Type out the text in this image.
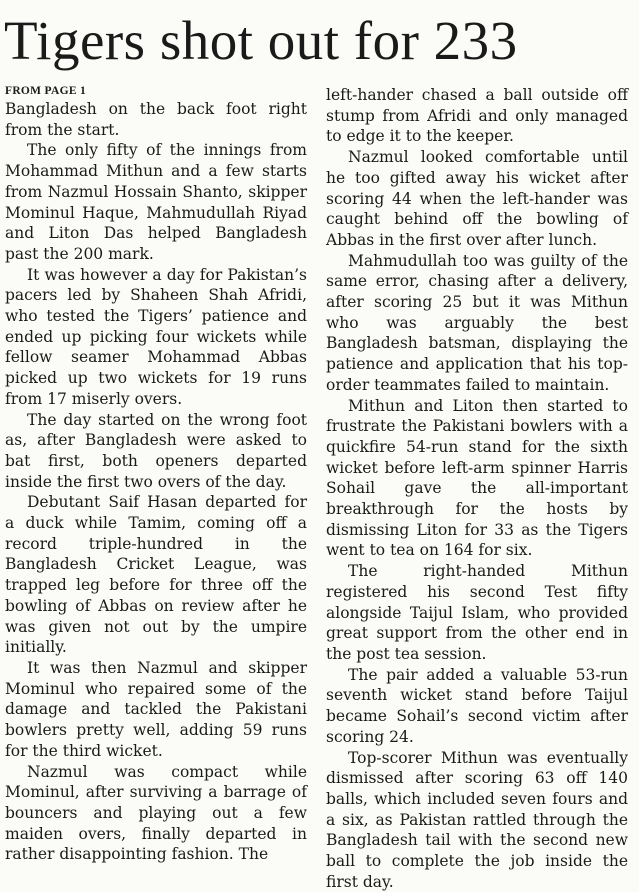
Tigers shot out for 233
FROM PAGE 1

Bangladesh on the back foot right from the start.

The only fifty of the innings from Mohammad Mithun and a few starts from Nazmul Hossain Shanto, skipper Mominul Haque, Mahmudullah Riyad and Liton Das helped Bangladesh past the 200 mark.

It was however a day for Pakistan’s pacers led by Shaheen Shah Afridi, who tested the Tigers’ patience and ended up picking four wickets while fellow seamer Mohammad Abbas picked up two wickets for 19 runs from 17 miserly overs.

The day started on the wrong foot as, after Bangladesh were asked to bat first, both openers departed inside the first two overs of the day.

Debutant Saif Hasan departed for a duck while Tamim, coming off a record triple-hundred in the Bangladesh Cricket League, was trapped leg before for three off the bowling of Abbas on review after he was given not out by the umpire initially.

It was then Nazmul and skipper Mominul who repaired some of the damage and tackled the Pakistani bowlers pretty well, adding 59 runs for the third wicket.

Nazmul was compact while Mominul, after surviving a barrage of bouncers and playing out a few maiden overs, finally departed in rather disappointing fashion. The

left-hander chased a ball outside off stump from Afridi and only managed to edge it to the keeper.

Nazmul looked comfortable until he too gifted away his wicket after scoring 44 when the left-hander was caught behind off the bowling of Abbas in the first over after lunch.

Mahmudullah too was guilty of the same error, chasing after a delivery, after scoring 25 but it was Mithun who was arguably the best Bangladesh batsman, displaying the patience and application that his top-order teammates failed to maintain.

Mithun and Liton then started to frustrate the Pakistani bowlers with a quickfire 54-run stand for the sixth wicket before left-arm spinner Harris Sohail gave the all-important breakthrough for the hosts by dismissing Liton for 33 as the Tigers went to tea on 164 for six.

The right-handed Mithun registered his second Test fifty alongside Taijul Islam, who provided great support from the other end in the post tea session.

The pair added a valuable 53-run seventh wicket stand before Taijul became Sohail’s second victim after scoring 24.

Top-scorer Mithun was eventually dismissed after scoring 63 off 140 balls, which included seven fours and a six, as Pakistan rattled through the Bangladesh tail with the second new ball to complete the job inside the first day.
